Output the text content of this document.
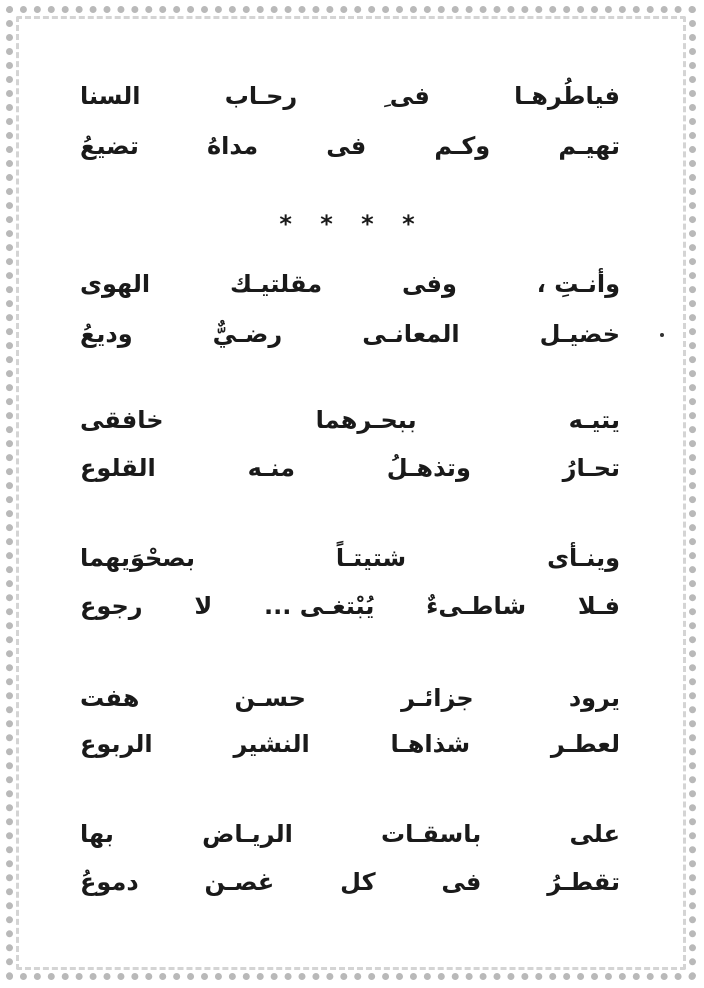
فياطُرهـا
فى ِ
رحـاب
السنا
تهيـم
وكـم
فى
مداهُ
تضيعُ
* * * *
وأنـتِ ،
وفى
مقلتيـك
الهوى
خضيـل
المعانـى
رضـيٌّ
وديعُ
يتيـه
ببحـرهما
خافقى
تحـارُ
وتذهـلُ
منـه
القلوع
وينـأى
شتيتـاً
بصحْوَيهما
فـلا
شاطـىءٌ
يُبْتغـى ...
لا
رجوع
يرود
جزائـر
حسـن
هفت
لعطـر
شذاهـا
النشير
الربوع
على
باسقـات
الريـاض
بها
تقطـرُ
فى
كل
غصـن
دموعُ
